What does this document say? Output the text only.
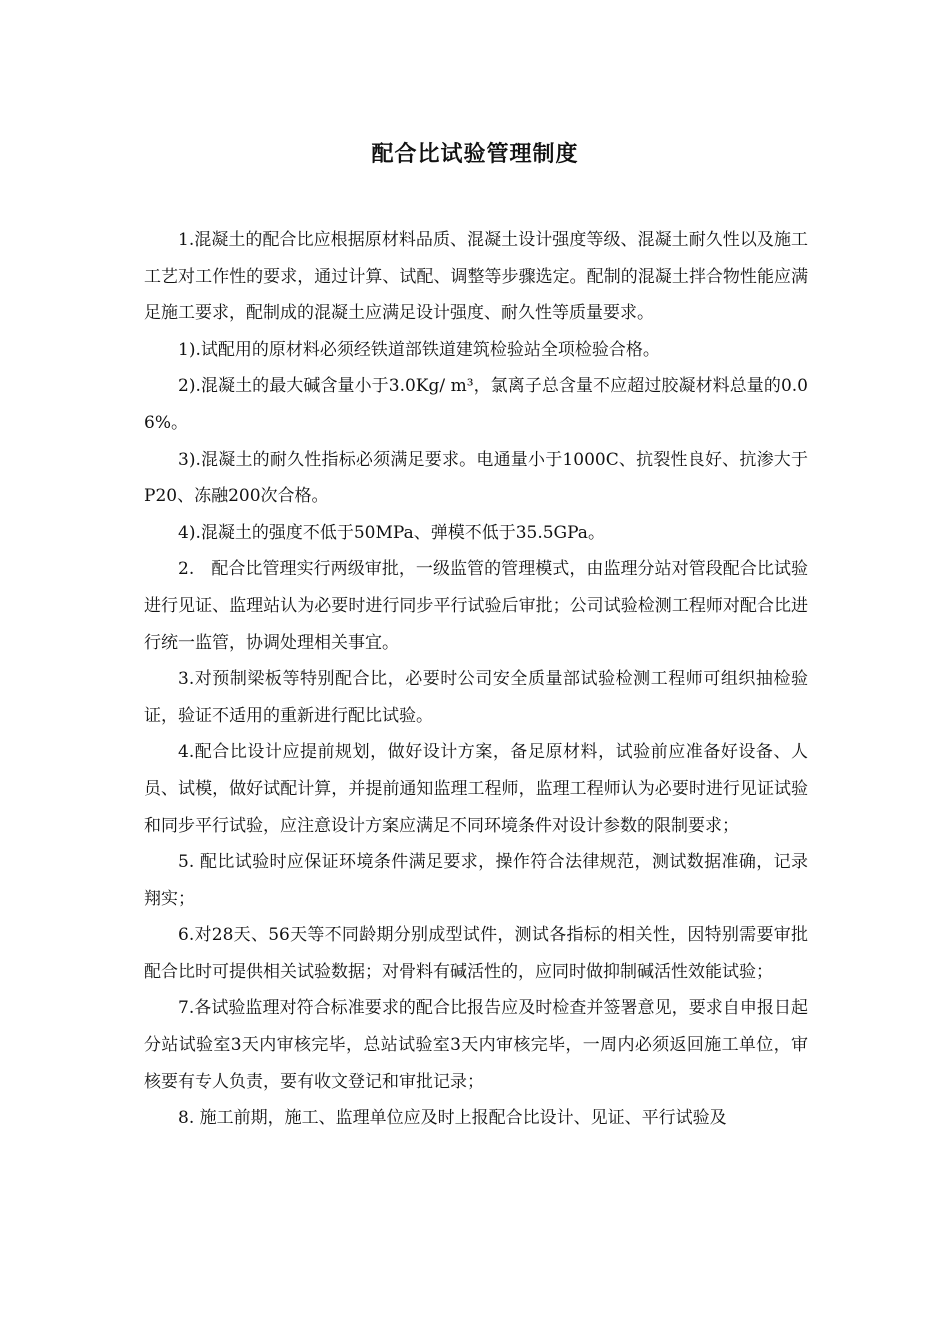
配合比试验管理制度

1.混凝土的配合比应根据原材料品质、混凝土设计强度等级、混凝土耐久性以及施工工艺对工作性的要求，通过计算、试配、调整等步骤选定。配制的混凝土拌合物性能应满足施工要求，配制成的混凝土应满足设计强度、耐久性等质量要求。

1).试配用的原材料必须经铁道部铁道建筑检验站全项检验合格。

2).混凝土的最大碱含量小于3.0Kg/ m³，氯离子总含量不应超过胶凝材料总量的0.06%。

3).混凝土的耐久性指标必须满足要求。电通量小于1000C、抗裂性良好、抗渗大于P20、冻融200次合格。

4).混凝土的强度不低于50MPa、弹模不低于35.5GPa。

2.　配合比管理实行两级审批，一级监管的管理模式，由监理分站对管段配合比试验进行见证、监理站认为必要时进行同步平行试验后审批；公司试验检测工程师对配合比进行统一监管，协调处理相关事宜。

3.对预制梁板等特别配合比，必要时公司安全质量部试验检测工程师可组织抽检验证，验证不适用的重新进行配比试验。

4.配合比设计应提前规划，做好设计方案，备足原材料，试验前应准备好设备、人员、试模，做好试配计算，并提前通知监理工程师，监理工程师认为必要时进行见证试验和同步平行试验，应注意设计方案应满足不同环境条件对设计参数的限制要求；

5. 配比试验时应保证环境条件满足要求，操作符合法律规范，测试数据准确，记录翔实；

6.对28天、56天等不同龄期分别成型试件，测试各指标的相关性，因特别需要审批配合比时可提供相关试验数据；对骨料有碱活性的，应同时做抑制碱活性效能试验；

7.各试验监理对符合标准要求的配合比报告应及时检查并签署意见，要求自申报日起分站试验室3天内审核完毕，总站试验室3天内审核完毕，一周内必须返回施工单位，审核要有专人负责，要有收文登记和审批记录；

8. 施工前期，施工、监理单位应及时上报配合比设计、见证、平行试验及
